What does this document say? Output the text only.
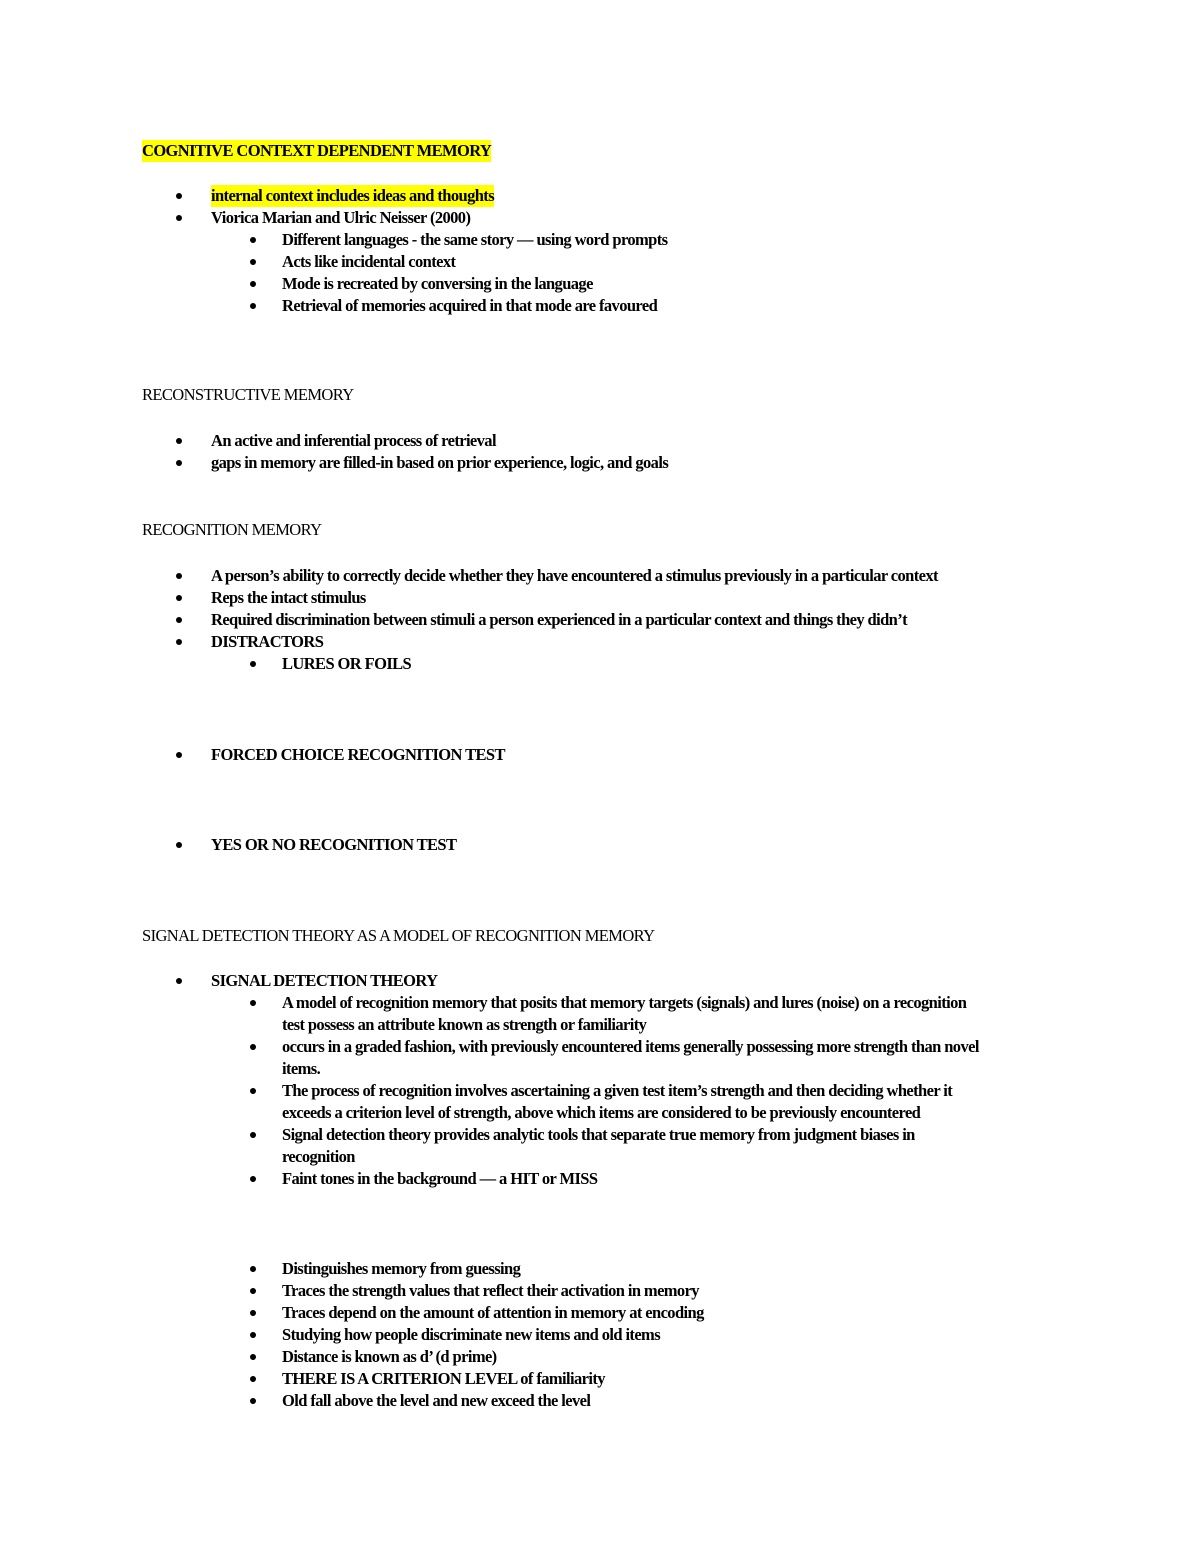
COGNITIVE CONTEXT DEPENDENT MEMORY
internal context includes ideas and thoughts
Viorica Marian and Ulric Neisser (2000)
Different languages - the same story — using word prompts
Acts like incidental context
Mode is recreated by conversing in the language
Retrieval of memories acquired in that mode are favoured
RECONSTRUCTIVE MEMORY
An active and inferential process of retrieval
gaps in memory are filled-in based on prior experience, logic, and goals
RECOGNITION MEMORY
A person’s ability to correctly decide whether they have encountered a stimulus previously in a particular context
Reps the intact stimulus
Required discrimination between stimuli a person experienced in a particular context and things they didn’t
DISTRACTORS
LURES OR FOILS
FORCED CHOICE RECOGNITION TEST
YES OR NO RECOGNITION TEST
SIGNAL DETECTION THEORY AS A MODEL OF RECOGNITION MEMORY
SIGNAL DETECTION THEORY
A model of recognition memory that posits that memory targets (signals) and lures (noise) on a recognition
test possess an attribute known as strength or familiarity
occurs in a graded fashion, with previously encountered items generally possessing more strength than novel
items.
The process of recognition involves ascertaining a given test item’s strength and then deciding whether it
exceeds a criterion level of strength, above which items are considered to be previously encountered
Signal detection theory provides analytic tools that separate true memory from judgment biases in
recognition
Faint tones in the background — a HIT or MISS
Distinguishes memory from guessing
Traces the strength values that reflect their activation in memory
Traces depend on the amount of attention in memory at encoding
Studying how people discriminate new items and old items
Distance is known as d’ (d prime)
THERE IS A CRITERION LEVEL of familiarity
Old fall above the level and new exceed the level
